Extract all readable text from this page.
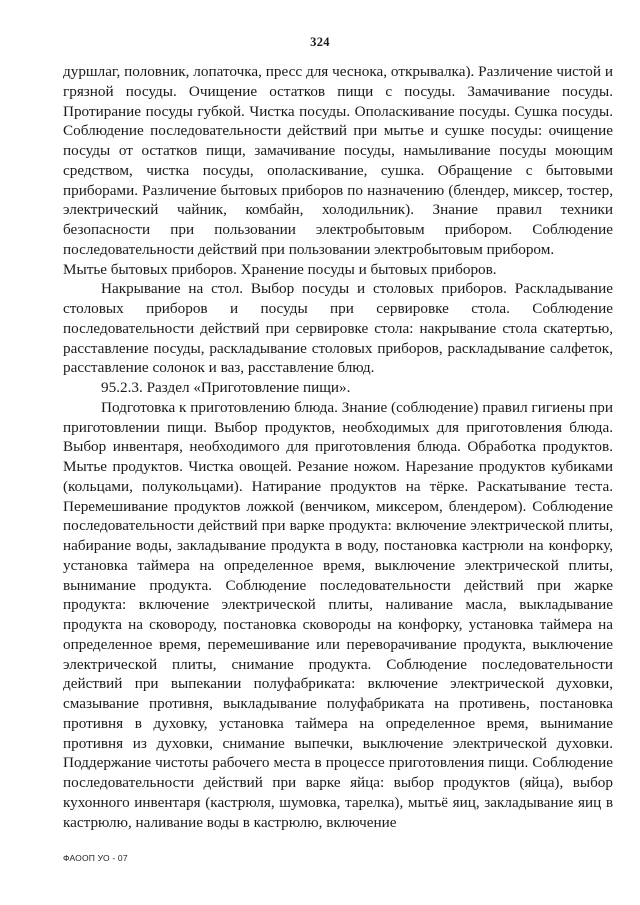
324

дуршлаг, половник, лопаточка, пресс для чеснока, открывалка). Различение чистой и грязной посуды. Очищение остатков пищи с посуды. Замачивание посуды. Протирание посуды губкой. Чистка посуды. Ополаскивание посуды. Сушка посуды. Соблюдение последовательности действий при мытье и сушке посуды: очищение посуды от остатков пищи, замачивание посуды, намыливание посуды моющим средством, чистка посуды, ополаскивание, сушка. Обращение с бытовыми приборами. Различение бытовых приборов по назначению (блендер, миксер, тостер, электрический чайник, комбайн, холодильник). Знание правил техники безопасности при пользовании электробытовым прибором. Соблюдение последовательности действий при пользовании электробытовым прибором.

Мытье бытовых приборов. Хранение посуды и бытовых приборов.

Накрывание на стол. Выбор посуды и столовых приборов. Раскладывание столовых приборов и посуды при сервировке стола. Соблюдение последовательности действий при сервировке стола: накрывание стола скатертью, расставление посуды, раскладывание столовых приборов, раскладывание салфеток, расставление солонок и ваз, расставление блюд.

95.2.3. Раздел «Приготовление пищи».

Подготовка к приготовлению блюда. Знание (соблюдение) правил гигиены при приготовлении пищи. Выбор продуктов, необходимых для приготовления блюда. Выбор инвентаря, необходимого для приготовления блюда. Обработка продуктов. Мытье продуктов. Чистка овощей. Резание ножом. Нарезание продуктов кубиками (кольцами, полукольцами). Натирание продуктов на тёрке. Раскатывание теста. Перемешивание продуктов ложкой (венчиком, миксером, блендером). Соблюдение последовательности действий при варке продукта: включение электрической плиты, набирание воды, закладывание продукта в воду, постановка кастрюли на конфорку, установка таймера на определенное время, выключение электрической плиты, вынимание продукта. Соблюдение последовательности действий при жарке продукта: включение электрической плиты, наливание масла, выкладывание продукта на сковороду, постановка сковороды на конфорку, установка таймера на определенное время, перемешивание или переворачивание продукта, выключение электрической плиты, снимание продукта. Соблюдение последовательности действий при выпекании полуфабриката: включение электрической духовки, смазывание противня, выкладывание полуфабриката на противень, постановка противня в духовку, установка таймера на определенное время, вынимание противня из духовки, снимание выпечки, выключение электрической духовки. Поддержание чистоты рабочего места в процессе приготовления пищи. Соблюдение последовательности действий при варке яйца: выбор продуктов (яйца), выбор кухонного инвентаря (кастрюля, шумовка, тарелка), мытьё яиц, закладывание яиц в кастрюлю, наливание воды в кастрюлю, включение

ФАООП УО - 07
